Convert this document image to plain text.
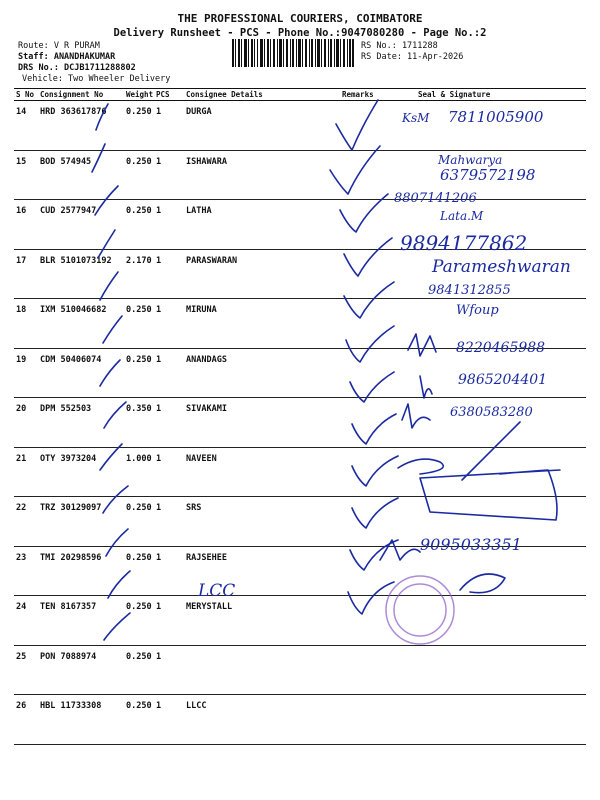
THE PROFESSIONAL COURIERS, COIMBATORE
Delivery Runsheet - PCS - Phone No.:9047080280 - Page No.:2
Route: V R PURAM
Staff: ANANDHAKUMAR
DRS No.: DCJB1711288802
Vehicle: Two Wheeler Delivery
RS No.: 1711288
RS Date: 11-Apr-2026
S No	Consignment No	Weight	PCS	Consignee Details	Remarks	Seal & Signature
14	HRD 363617876	0.250	1	DURGA		
15	BOD 574945	0.250	1	ISHAWARA		
16	CUD 2577947	0.250	1	LATHA		
17	BLR 5101073192	2.170	1	PARASWARAN		
18	IXM 510046682	0.250	1	MIRUNA		
19	CDM 50406074	0.250	1	ANANDAGS		
20	DPM 552503	0.350	1	SIVAKAMI		
21	OTY 3973204	1.000	1	NAVEEN		
22	TRZ 30129097	0.250	1	SRS		
23	TMI 20298596	0.250	1	RAJSEHEE		
24	TEN 8167357	0.250	1	MERYSTALL		
25	PON 7088974	0.250	1			
26	HBL 11733308	0.250	1	LLCC		
7811005900
KsM
Mahwarya
6379572198
8807141206
Lata.M
9894177862
Parameshwaran
9841312855
Wfoup
8220465988
9865204401
6380583280
9095033351
LCC
